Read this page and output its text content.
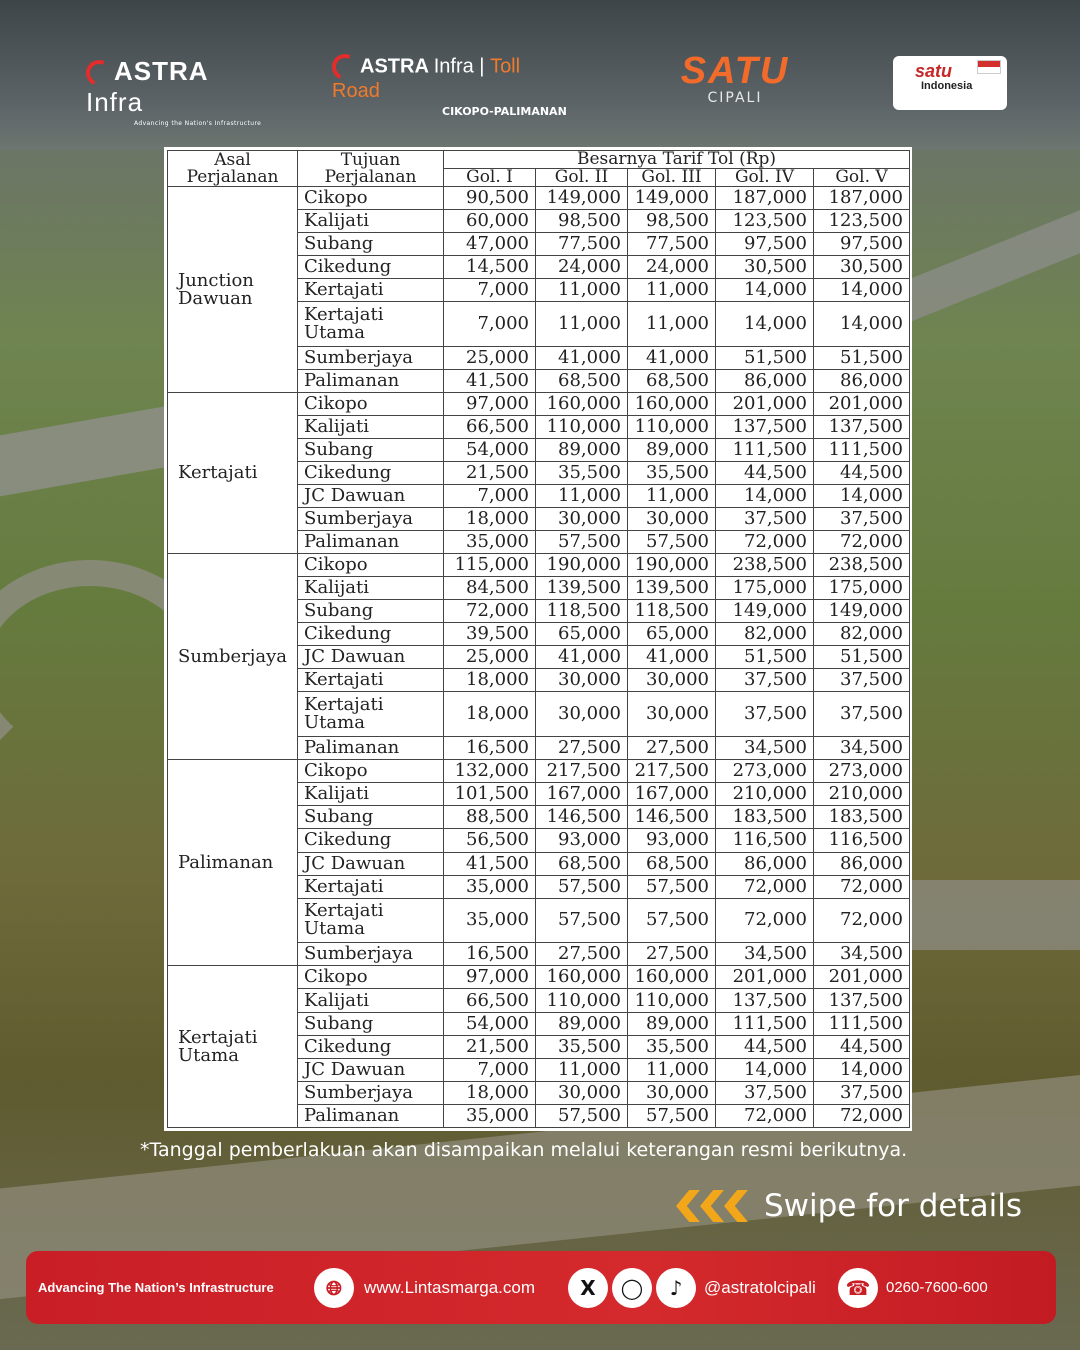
ASTRA Infra
Advancing the Nation's Infrastructure
ASTRA Infra | Toll Road
CIKOPO-PALIMANAN
SATU
CIPALI
satu
Indonesia
Asal Perjalanan	Tujuan Perjalanan	Besarnya Tarif Tol (Rp)				
		Gol. I	Gol. II	Gol. III	Gol. IV	Gol. V
Junction Dawuan	Cikopo	90,500	149,000	149,000	187,000	187,000
	Kalijati	60,000	98,500	98,500	123,500	123,500
	Subang	47,000	77,500	77,500	97,500	97,500
	Cikedung	14,500	24,000	24,000	30,500	30,500
	Kertajati	7,000	11,000	11,000	14,000	14,000
	Kertajati Utama	7,000	11,000	11,000	14,000	14,000
	Sumberjaya	25,000	41,000	41,000	51,500	51,500
	Palimanan	41,500	68,500	68,500	86,000	86,000
Kertajati	Cikopo	97,000	160,000	160,000	201,000	201,000
	Kalijati	66,500	110,000	110,000	137,500	137,500
	Subang	54,000	89,000	89,000	111,500	111,500
	Cikedung	21,500	35,500	35,500	44,500	44,500
	JC Dawuan	7,000	11,000	11,000	14,000	14,000
	Sumberjaya	18,000	30,000	30,000	37,500	37,500
	Palimanan	35,000	57,500	57,500	72,000	72,000
Sumberjaya	Cikopo	115,000	190,000	190,000	238,500	238,500
	Kalijati	84,500	139,500	139,500	175,000	175,000
	Subang	72,000	118,500	118,500	149,000	149,000
	Cikedung	39,500	65,000	65,000	82,000	82,000
	JC Dawuan	25,000	41,000	41,000	51,500	51,500
	Kertajati	18,000	30,000	30,000	37,500	37,500
	Kertajati Utama	18,000	30,000	30,000	37,500	37,500
	Palimanan	16,500	27,500	27,500	34,500	34,500
Palimanan	Cikopo	132,000	217,500	217,500	273,000	273,000
	Kalijati	101,500	167,000	167,000	210,000	210,000
	Subang	88,500	146,500	146,500	183,500	183,500
	Cikedung	56,500	93,000	93,000	116,500	116,500
	JC Dawuan	41,500	68,500	68,500	86,000	86,000
	Kertajati	35,000	57,500	57,500	72,000	72,000
	Kertajati Utama	35,000	57,500	57,500	72,000	72,000
	Sumberjaya	16,500	27,500	27,500	34,500	34,500
Kertajati Utama	Cikopo	97,000	160,000	160,000	201,000	201,000
	Kalijati	66,500	110,000	110,000	137,500	137,500
	Subang	54,000	89,000	89,000	111,500	111,500
	Cikedung	21,500	35,500	35,500	44,500	44,500
	JC Dawuan	7,000	11,000	11,000	14,000	14,000
	Sumberjaya	18,000	30,000	30,000	37,500	37,500
	Palimanan	35,000	57,500	57,500	72,000	72,000
*Tanggal pemberlakuan akan disampaikan melalui keterangan resmi berikutnya.
Swipe for details
Advancing The Nation’s Infrastructure	🌐︎	www.Lintasmarga.com	X	◯	♪	@astratolcipali	☎	0260-7600-600
